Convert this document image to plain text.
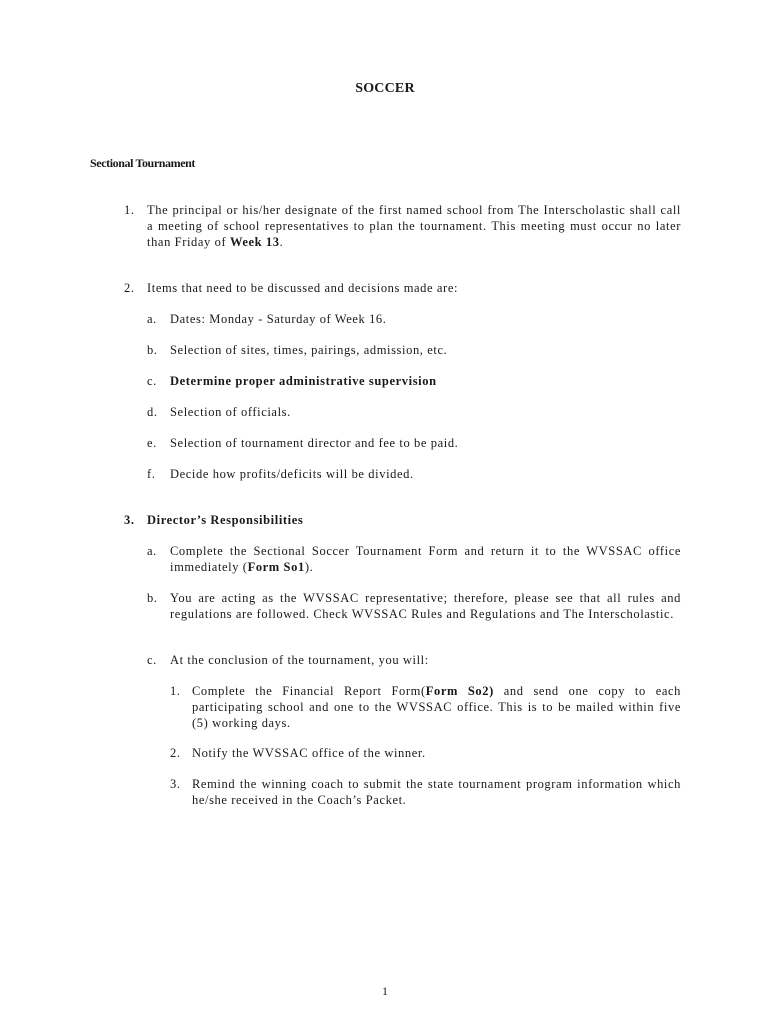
SOCCER
Sectional Tournament
1. The principal or his/her designate of the first named school from The Interscholastic shall call a meeting of school representatives to plan the tournament. This meeting must occur no later than Friday of Week 13.
2. Items that need to be discussed and decisions made are:
a. Dates: Monday - Saturday of Week 16.
b. Selection of sites, times, pairings, admission, etc.
c. Determine proper administrative supervision
d. Selection of officials.
e. Selection of tournament director and fee to be paid.
f. Decide how profits/deficits will be divided.
3. Director’s Responsibilities
a. Complete the Sectional Soccer Tournament Form and return it to the WVSSAC office immediately (Form So1).
b. You are acting as the WVSSAC representative; therefore, please see that all rules and regulations are followed. Check WVSSAC Rules and Regulations and The Interscholastic.
c. At the conclusion of the tournament, you will:
1. Complete the Financial Report Form(Form So2) and send one copy to each participating school and one to the WVSSAC office. This is to be mailed within five (5) working days.
2. Notify the WVSSAC office of the winner.
3. Remind the winning coach to submit the state tournament program information which he/she received in the Coach’s Packet.
1
